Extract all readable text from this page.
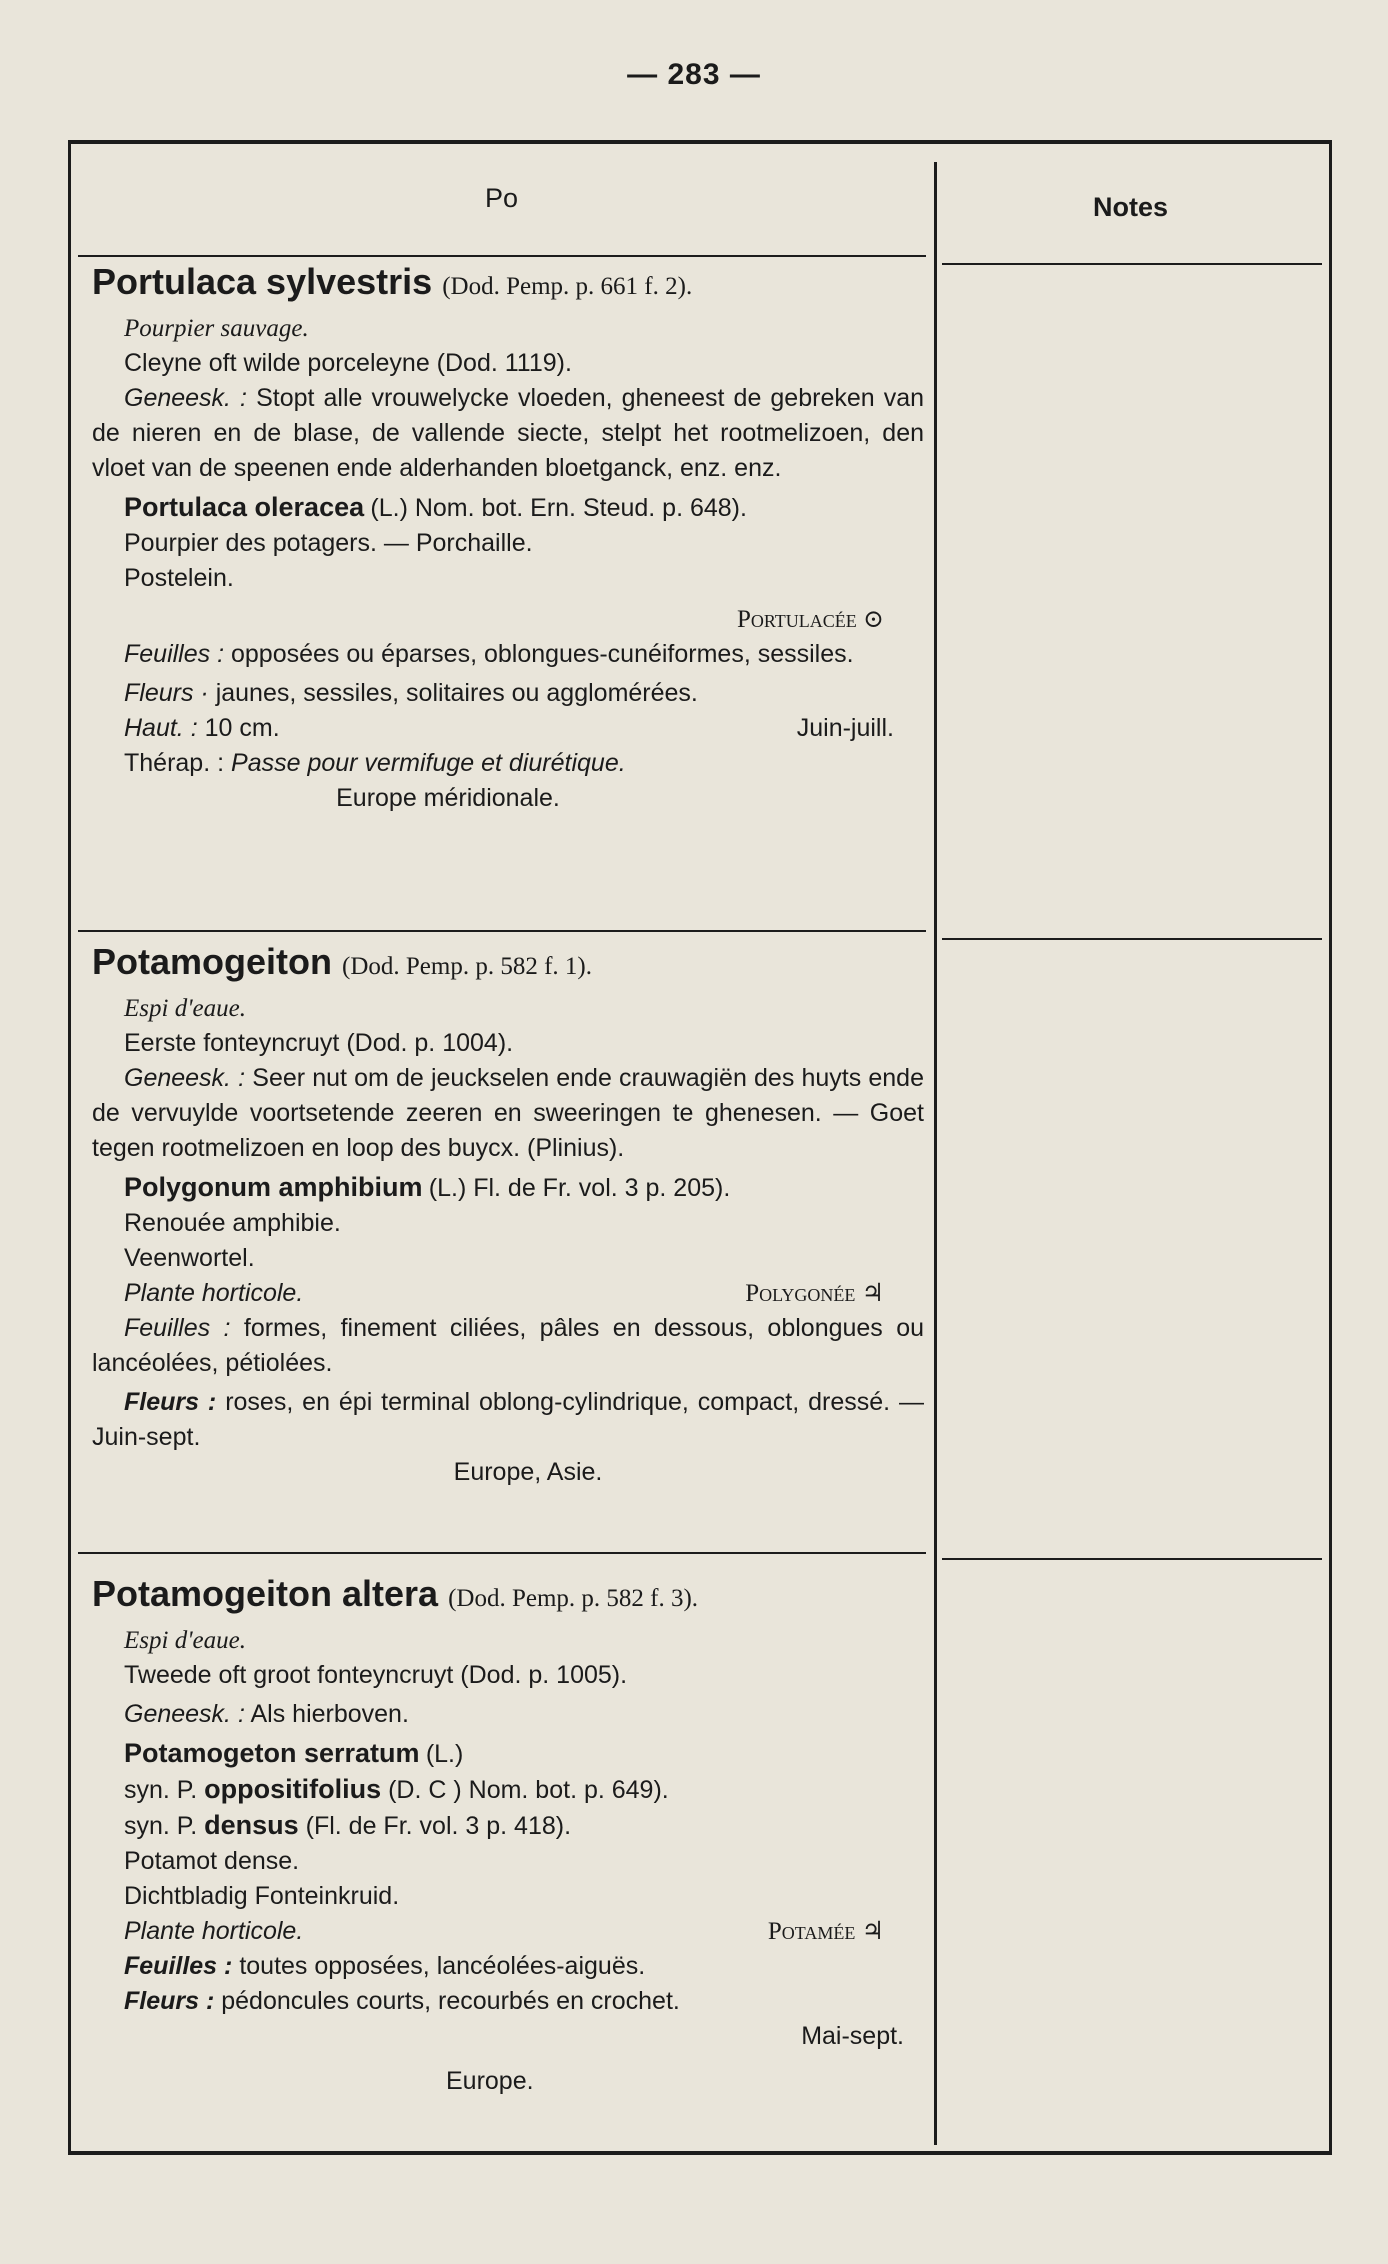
— 283 —
Po	Notes
Portulaca sylvestris (Dod. Pemp. p. 661 f. 2).
Pourpier sauvage.
Cleyne oft wilde porceleyne (Dod. 1119).
Geneesk. : Stopt alle vrouwelycke vloeden, gheneest de gebreken van de nieren en de blase, de vallende siecte, stelpt het rootmelizoen, den vloet van de speenen ende alderhanden bloetganck, enz. enz.
Portulaca oleracea (L.) Nom. bot. Ern. Steud. p. 648).
Pourpier des potagers. — Porchaille.
Postelein.
Portulacée ⊙
Feuilles : opposées ou éparses, oblongues-cunéiformes, sessiles.
Fleurs · jaunes, sessiles, solitaires ou agglomérées.
Haut. : 10 cm.	Juin-juill.
Thérap. : Passe pour vermifuge et diurétique.
Europe méridionale.
Potamogeiton (Dod. Pemp. p. 582 f. 1).
Espi d'eaue.
Eerste fonteyncruyt (Dod. p. 1004).
Geneesk. : Seer nut om de jeuckselen ende crauwagiën des huyts ende de vervuylde voortsetende zeeren en sweeringen te ghenesen. — Goet tegen rootmelizoen en loop des buycx. (Plinius).
Polygonum amphibium (L.) Fl. de Fr. vol. 3 p. 205).
Renouée amphibie.
Veenwortel.
Plante horticole.	Polygonée ♃
Feuilles : formes, finement ciliées, pâles en dessous, oblongues ou lancéolées, pétiolées.
Fleurs : roses, en épi terminal oblong-cylindrique, compact, dressé. — Juin-sept.
Europe, Asie.
Potamogeiton altera (Dod. Pemp. p. 582 f. 3).
Espi d'eaue.
Tweede oft groot fonteyncruyt (Dod. p. 1005).
Geneesk. : Als hierboven.
Potamogeton serratum (L.)
syn. P. oppositifolius (D. C ) Nom. bot. p. 649).
syn. P. densus (Fl. de Fr. vol. 3 p. 418).
Potamot dense.
Dichtbladig Fonteinkruid.
Plante horticole.	Potamée ♃
Feuilles : toutes opposées, lancéolées-aiguës.
Fleurs : pédoncules courts, recourbés en crochet.
Mai-sept.
Europe.
